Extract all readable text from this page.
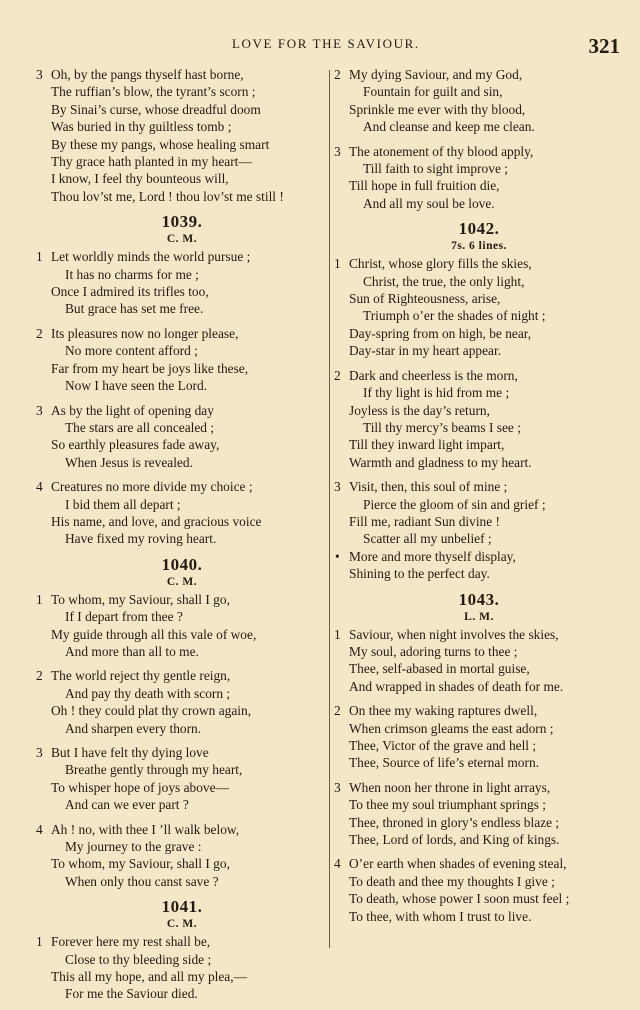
LOVE FOR THE SAVIOUR.	321
3 Oh, by the pangs thyself hast borne,
The ruffian’s blow, the tyrant’s scorn ;
By Sinai’s curse, whose dreadful doom
Was buried in thy guiltless tomb ;
By these my pangs, whose healing smart
Thy grace hath planted in my heart—
I know, I feel thy bounteous will,
Thou lov’st me, Lord ! thou lov’st me still !
1039.
C. M.
1 Let worldly minds the world pursue ;
It has no charms for me ;
Once I admired its trifles too,
But grace has set me free.
2 Its pleasures now no longer please,
No more content afford ;
Far from my heart be joys like these,
Now I have seen the Lord.
3 As by the light of opening day
The stars are all concealed ;
So earthly pleasures fade away,
When Jesus is revealed.
4 Creatures no more divide my choice ;
I bid them all depart ;
His name, and love, and gracious voice
Have fixed my roving heart.
1040.
C. M.
1 To whom, my Saviour, shall I go,
If I depart from thee ?
My guide through all this vale of woe,
And more than all to me.
2 The world reject thy gentle reign,
And pay thy death with scorn ;
Oh ! they could plat thy crown again,
And sharpen every thorn.
3 But I have felt thy dying love
Breathe gently through my heart,
To whisper hope of joys above—
And can we ever part ?
4 Ah ! no, with thee I ’ll walk below,
My journey to the grave :
To whom, my Saviour, shall I go,
When only thou canst save ?
1041.
C. M.
1 Forever here my rest shall be,
Close to thy bleeding side ;
This all my hope, and all my plea,—
For me the Saviour died.
2 My dying Saviour, and my God,
Fountain for guilt and sin,
Sprinkle me ever with thy blood,
And cleanse and keep me clean.
3 The atonement of thy blood apply,
Till faith to sight improve ;
Till hope in full fruition die,
And all my soul be love.
1042.
7s. 6 lines.
1 Christ, whose glory fills the skies,
Christ, the true, the only light,
Sun of Righteousness, arise,
Triumph o’er the shades of night ;
Day-spring from on high, be near,
Day-star in my heart appear.
2 Dark and cheerless is the morn,
If thy light is hid from me ;
Joyless is the day’s return,
Till thy mercy’s beams I see ;
Till they inward light impart,
Warmth and gladness to my heart.
3 Visit, then, this soul of mine ;
Pierce the gloom of sin and grief ;
Fill me, radiant Sun divine !
Scatter all my unbelief ;
• More and more thyself display,
Shining to the perfect day.
1043.
L. M.
1 Saviour, when night involves the skies,
My soul, adoring turns to thee ;
Thee, self-abased in mortal guise,
And wrapped in shades of death for me.
2 On thee my waking raptures dwell,
When crimson gleams the east adorn ;
Thee, Victor of the grave and hell ;
Thee, Source of life’s eternal morn.
3 When noon her throne in light arrays,
To thee my soul triumphant springs ;
Thee, throned in glory’s endless blaze ;
Thee, Lord of lords, and King of kings.
4 O’er earth when shades of evening steal,
To death and thee my thoughts I give ;
To death, whose power I soon must feel ;
To thee, with whom I trust to live.
